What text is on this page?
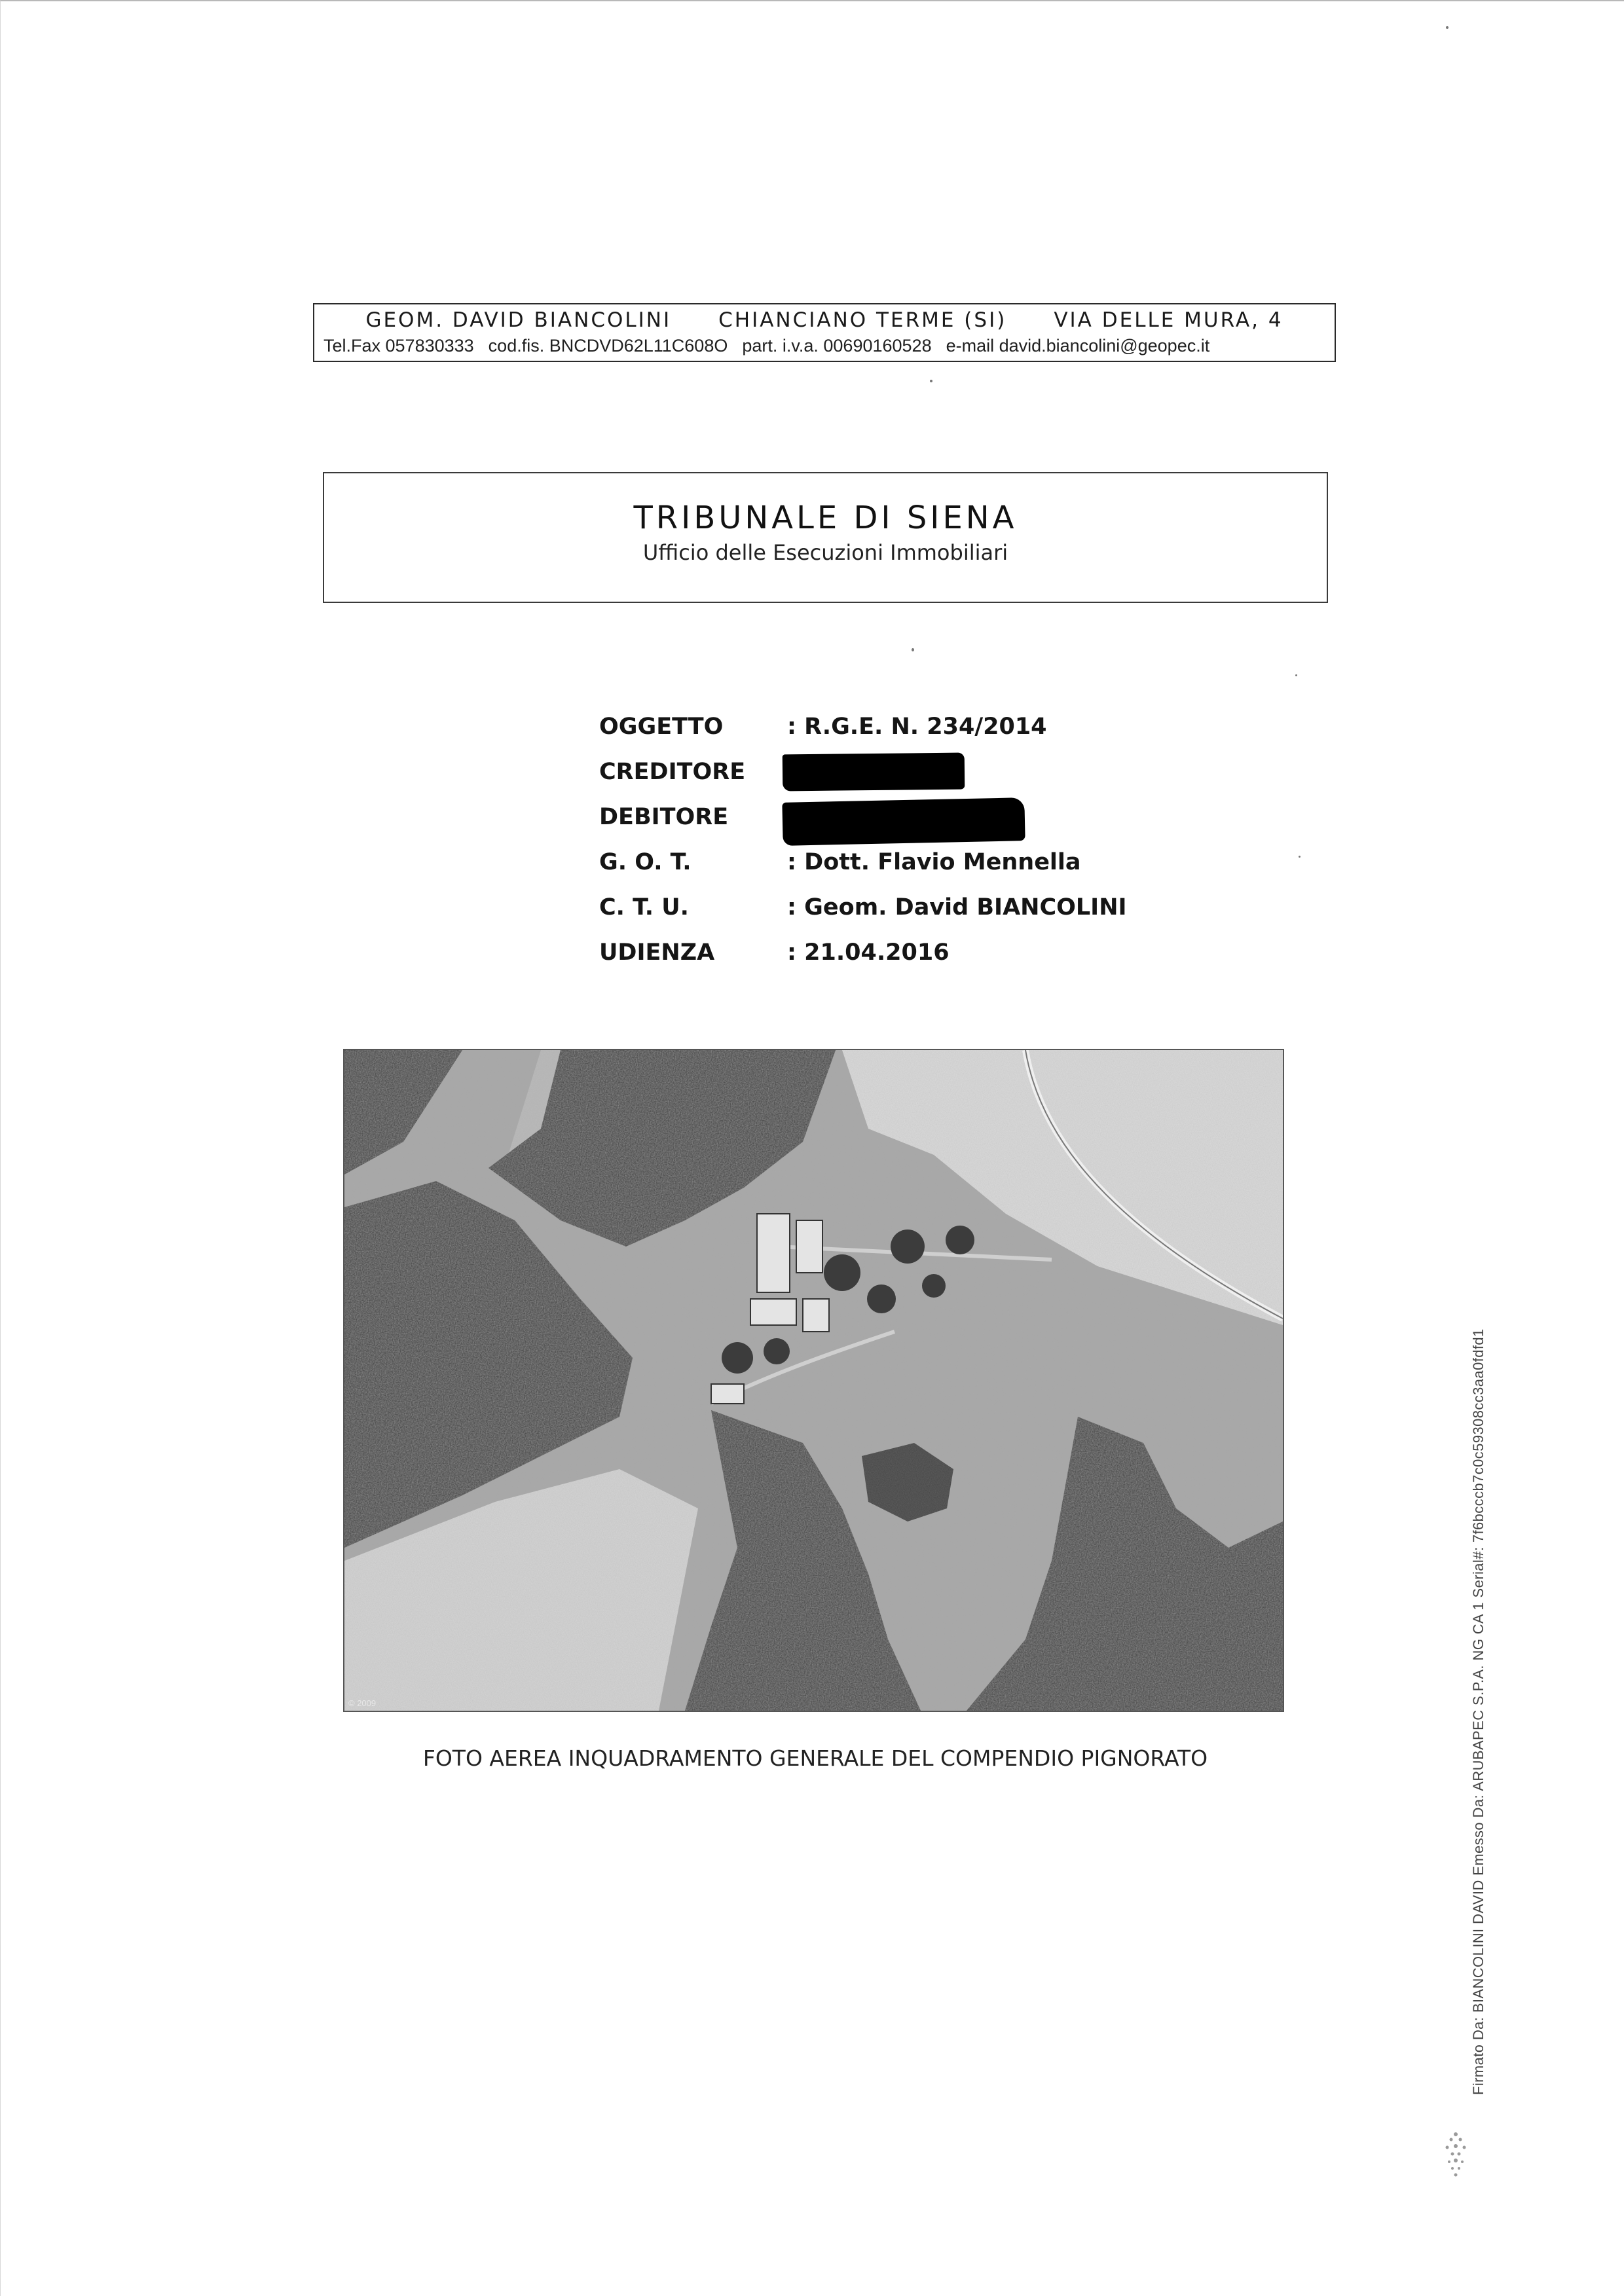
GEOM. DAVID BIANCOLINI CHIANCIANO TERME (SI) VIA DELLE MURA, 4
Tel.Fax 057830333 cod.fis. BNCDVD62L11C608O part. i.v.a. 00690160528 e-mail david.biancolini@geopec.it
TRIBUNALE DI SIENA
Ufficio delle Esecuzioni Immobiliari
OGGETTO	: R.G.E. N. 234/2014
CREDITORE
DEBITORE
G. O. T.	: Dott. Flavio Mennella
C. T. U.	: Geom. David BIANCOLINI
UDIENZA	: 21.04.2016
© 2009
FOTO AEREA INQUADRAMENTO GENERALE DEL COMPENDIO PIGNORATO	Firmato Da: BIANCOLINI DAVID Emesso Da: ARUBAPEC S.P.A. NG CA 1 Serial#: 7f6bcccb7c0c59308cc3aa0fdfd1
